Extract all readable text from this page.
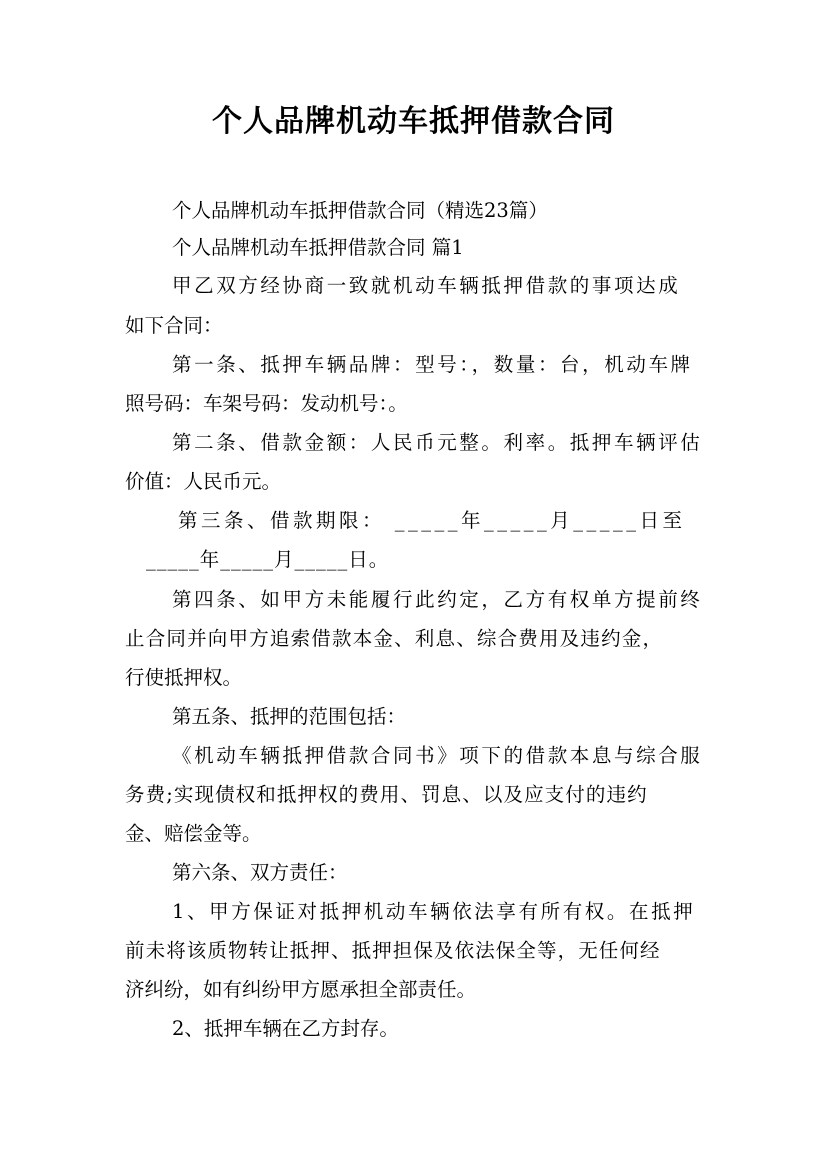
个人品牌机动车抵押借款合同
个人品牌机动车抵押借款合同（精选23篇）
个人品牌机动车抵押借款合同 篇1
甲乙双方经协商一致就机动车辆抵押借款的事项达成
如下合同：
第一条、抵押车辆品牌：型号：，数量：台，机动车牌
照号码：车架号码：发动机号：。
第二条、借款金额：人民币元整。利率。抵押车辆评估
价值：人民币元。
第三条、借款期限： _____年_____月_____日至
_____年_____月_____日。
第四条、如甲方未能履行此约定，乙方有权单方提前终
止合同并向甲方追索借款本金、利息、综合费用及违约金，
行使抵押权。
第五条、抵押的范围包括：
《机动车辆抵押借款合同书》项下的借款本息与综合服
务费;实现债权和抵押权的费用、罚息、以及应支付的违约
金、赔偿金等。
第六条、双方责任：
1、甲方保证对抵押机动车辆依法享有所有权。在抵押
前未将该质物转让抵押、抵押担保及依法保全等，无任何经
济纠纷，如有纠纷甲方愿承担全部责任。
2、抵押车辆在乙方封存。
